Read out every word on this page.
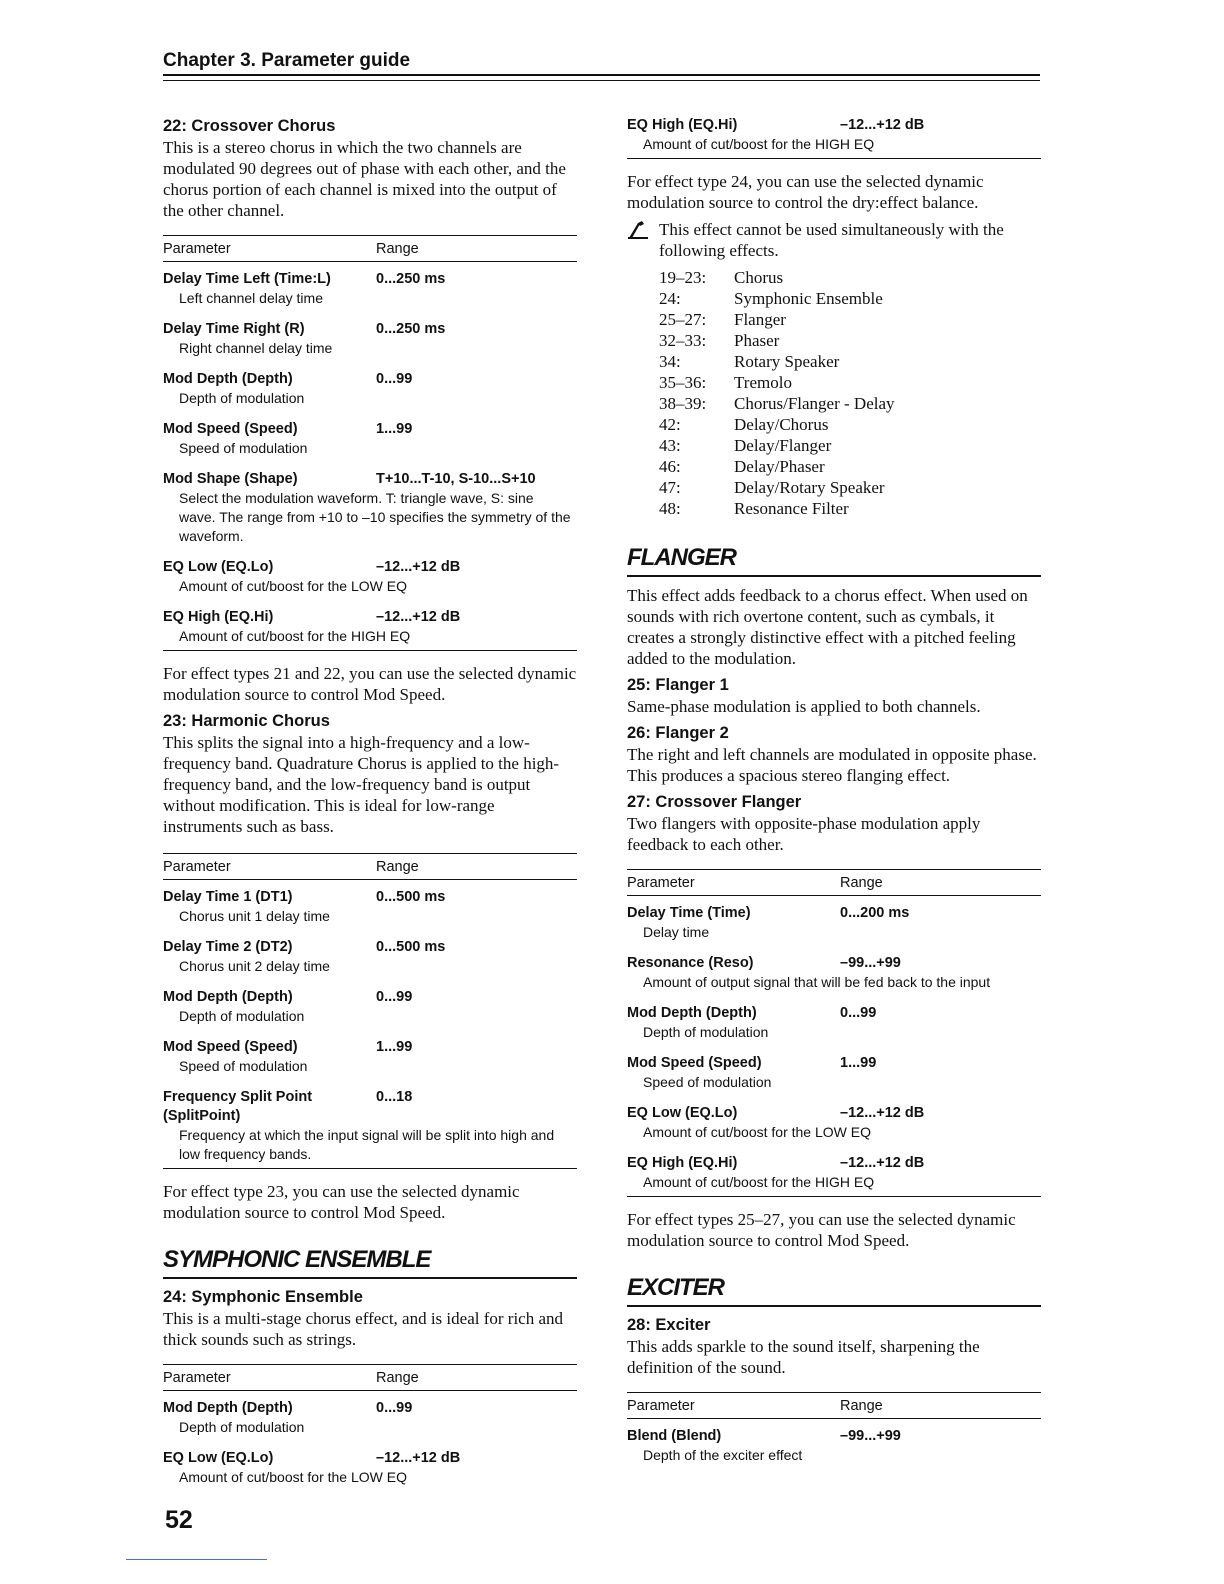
Chapter 3. Parameter guide

22: Crossover Chorus

This is a stereo chorus in which the two channels are modulated 90 degrees out of phase with each other, and the chorus portion of each channel is mixed into the output of the other channel.

Parameter	Range
Delay Time Left (Time:L)	0...250 ms
Left channel delay time
Delay Time Right (R)	0...250 ms
Right channel delay time
Mod Depth (Depth)	0...99
Depth of modulation
Mod Speed (Speed)	1...99
Speed of modulation
Mod Shape (Shape)	T+10...T-10, S-10...S+10
Select the modulation waveform. T: triangle wave, S: sine wave. The range from +10 to –10 specifies the symmetry of the waveform.
EQ Low (EQ.Lo)	–12...+12 dB
Amount of cut/boost for the LOW EQ
EQ High (EQ.Hi)	–12...+12 dB
Amount of cut/boost for the HIGH EQ

For effect types 21 and 22, you can use the selected dynamic modulation source to control Mod Speed.

23: Harmonic Chorus

This splits the signal into a high-frequency and a low-frequency band. Quadrature Chorus is applied to the high-frequency band, and the low-frequency band is output without modification. This is ideal for low-range instruments such as bass.

Parameter	Range
Delay Time 1 (DT1)	0...500 ms
Chorus unit 1 delay time
Delay Time 2 (DT2)	0...500 ms
Chorus unit 2 delay time
Mod Depth (Depth)	0...99
Depth of modulation
Mod Speed (Speed)	1...99
Speed of modulation
Frequency Split Point (SplitPoint)
0...18
Frequency at which the input signal will be split into high and low frequency bands.

For effect type 23, you can use the selected dynamic modulation source to control Mod Speed.

SYMPHONIC ENSEMBLE

24: Symphonic Ensemble

This is a multi-stage chorus effect, and is ideal for rich and thick sounds such as strings.

Parameter	Range
Mod Depth (Depth)	0...99
Depth of modulation
EQ Low (EQ.Lo)	–12...+12 dB
Amount of cut/boost for the LOW EQ
EQ High (EQ.Hi)	–12...+12 dB
Amount of cut/boost for the HIGH EQ

For effect type 24, you can use the selected dynamic modulation source to control the dry:effect balance.

This effect cannot be used simultaneously with the following effects.
19–23:	Chorus
24:	Symphonic Ensemble
25–27:	Flanger
32–33:	Phaser
34:	Rotary Speaker
35–36:	Tremolo
38–39:	Chorus/Flanger - Delay
42:	Delay/Chorus
43:	Delay/Flanger
46:	Delay/Phaser
47:	Delay/Rotary Speaker
48:	Resonance Filter
FLANGER

This effect adds feedback to a chorus effect. When used on sounds with rich overtone content, such as cymbals, it creates a strongly distinctive effect with a pitched feeling added to the modulation.

25: Flanger 1

Same-phase modulation is applied to both channels.

26: Flanger 2

The right and left channels are modulated in opposite phase. This produces a spacious stereo flanging effect.

27: Crossover Flanger

Two flangers with opposite-phase modulation apply feedback to each other.

Parameter	Range
Delay Time (Time)	0...200 ms
Delay time
Resonance (Reso)	–99...+99
Amount of output signal that will be fed back to the input
Mod Depth (Depth)	0...99
Depth of modulation
Mod Speed (Speed)	1...99
Speed of modulation
EQ Low (EQ.Lo)	–12...+12 dB
Amount of cut/boost for the LOW EQ
EQ High (EQ.Hi)	–12...+12 dB
Amount of cut/boost for the HIGH EQ

For effect types 25–27, you can use the selected dynamic modulation source to control Mod Speed.

EXCITER

28: Exciter

This adds sparkle to the sound itself, sharpening the definition of the sound.

Parameter	Range
Blend (Blend)	–99...+99
Depth of the exciter effect
52
